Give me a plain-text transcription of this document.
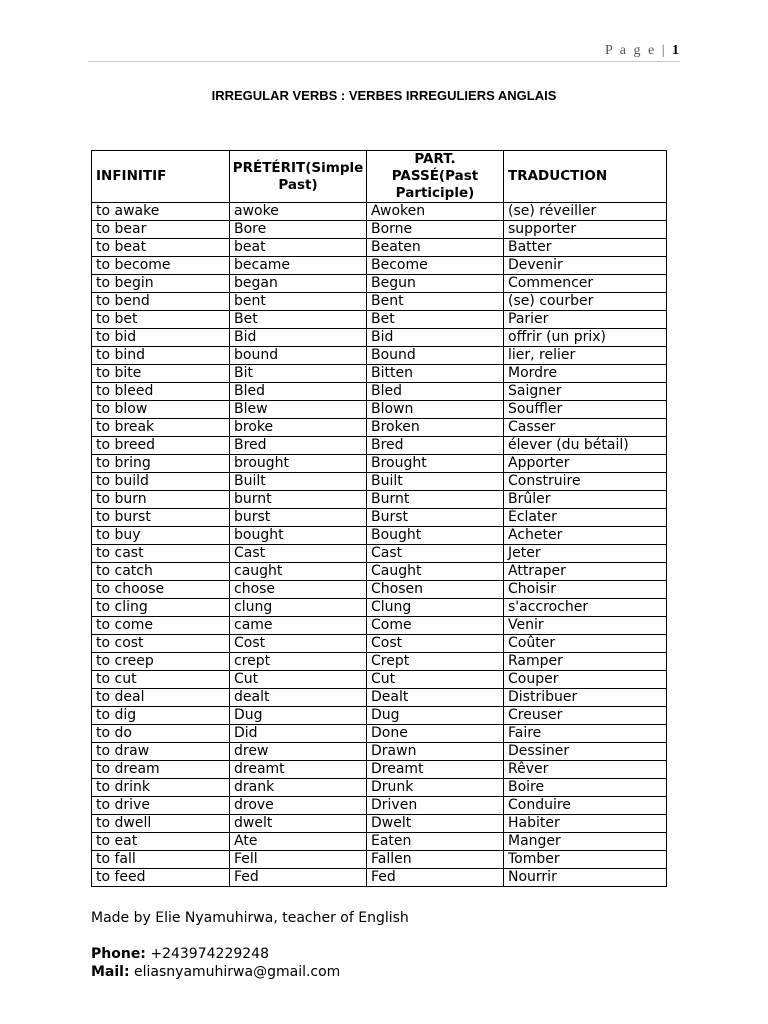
P a g e | 1
IRREGULAR VERBS : VERBES IRREGULIERS ANGLAIS
INFINITIF	PRÉTÉRIT(Simple Past)	PART. PASSÉ(Past Participle)	TRADUCTION
to awake	awoke	Awoken	(se) réveiller
to bear	Bore	Borne	supporter
to beat	beat	Beaten	Batter
to become	became	Become	Devenir
to begin	began	Begun	Commencer
to bend	bent	Bent	(se) courber
to bet	Bet	Bet	Parier
to bid	Bid	Bid	offrir (un prix)
to bind	bound	Bound	lier, relier
to bite	Bit	Bitten	Mordre
to bleed	Bled	Bled	Saigner
to blow	Blew	Blown	Souffler
to break	broke	Broken	Casser
to breed	Bred	Bred	élever (du bétail)
to bring	brought	Brought	Apporter
to build	Built	Built	Construire
to burn	burnt	Burnt	Brûler
to burst	burst	Burst	Éclater
to buy	bought	Bought	Acheter
to cast	Cast	Cast	Jeter
to catch	caught	Caught	Attraper
to choose	chose	Chosen	Choisir
to cling	clung	Clung	s'accrocher
to come	came	Come	Venir
to cost	Cost	Cost	Coûter
to creep	crept	Crept	Ramper
to cut	Cut	Cut	Couper
to deal	dealt	Dealt	Distribuer
to dig	Dug	Dug	Creuser
to do	Did	Done	Faire
to draw	drew	Drawn	Dessiner
to dream	dreamt	Dreamt	Rêver
to drink	drank	Drunk	Boire
to drive	drove	Driven	Conduire
to dwell	dwelt	Dwelt	Habiter
to eat	Ate	Eaten	Manger
to fall	Fell	Fallen	Tomber
to feed	Fed	Fed	Nourrir
Made by Elie Nyamuhirwa, teacher of English
Phone: +243974229248
Mail: eliasnyamuhirwa@gmail.com
